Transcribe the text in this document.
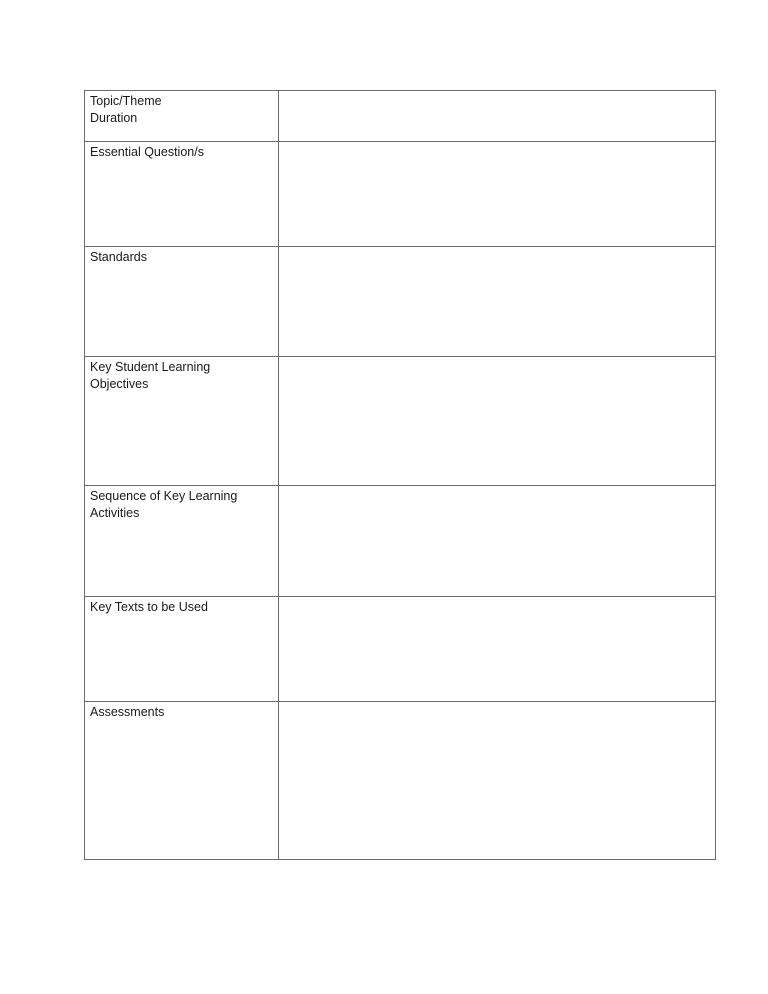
Topic/Theme
Duration	

Essential Question/s	

Standards	

Key Student Learning
Objectives	

Sequence of Key Learning
Activities	

Key Texts to be Used	

Assessments	
